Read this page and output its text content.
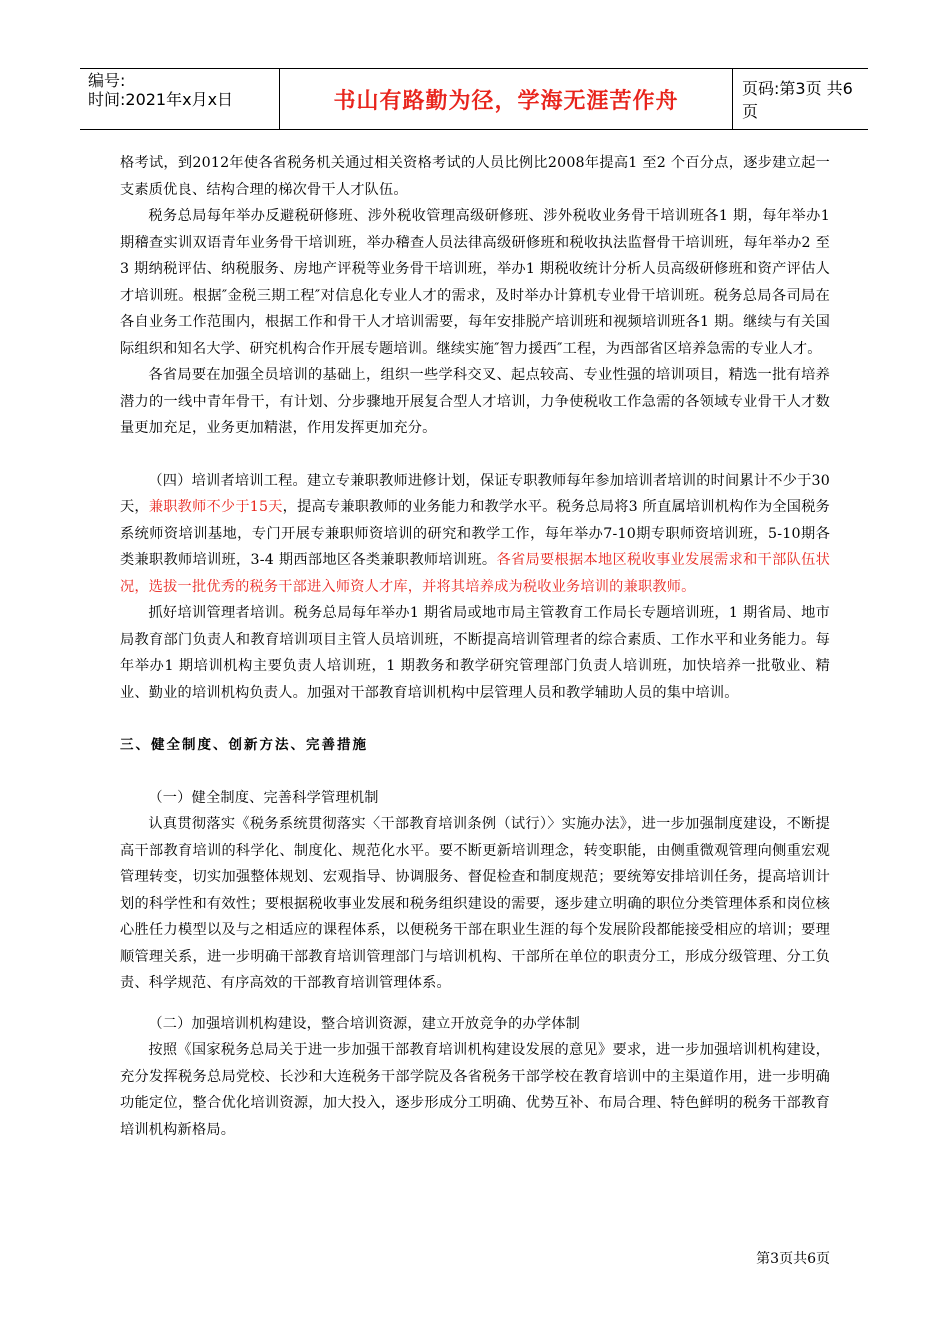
编号:
时间:2021年x月x日	书山有路勤为径，学海无涯苦作舟	页码:第3页 共6页

格考试，到2012年使各省税务机关通过相关资格考试的人员比例比2008年提高1 至2 个百分点，逐步建立起一支素质优良、结构合理的梯次骨干人才队伍。

税务总局每年举办反避税研修班、涉外税收管理高级研修班、涉外税收业务骨干培训班各1 期，每年举办1 期稽查实训双语青年业务骨干培训班，举办稽查人员法律高级研修班和税收执法监督骨干培训班，每年举办2 至3 期纳税评估、纳税服务、房地产评税等业务骨干培训班，举办1 期税收统计分析人员高级研修班和资产评估人才培训班。根据″金税三期工程″对信息化专业人才的需求，及时举办计算机专业骨干培训班。税务总局各司局在各自业务工作范围内，根据工作和骨干人才培训需要，每年安排脱产培训班和视频培训班各1 期。继续与有关国际组织和知名大学、研究机构合作开展专题培训。继续实施″智力援西″工程，为西部省区培养急需的专业人才。

各省局要在加强全员培训的基础上，组织一些学科交叉、起点较高、专业性强的培训项目，精选一批有培养潜力的一线中青年骨干，有计划、分步骤地开展复合型人才培训，力争使税收工作急需的各领域专业骨干人才数量更加充足，业务更加精湛，作用发挥更加充分。

（四）培训者培训工程。建立专兼职教师进修计划，保证专职教师每年参加培训者培训的时间累计不少于30天，兼职教师不少于15天，提高专兼职教师的业务能力和教学水平。税务总局将3 所直属培训机构作为全国税务系统师资培训基地，专门开展专兼职师资培训的研究和教学工作，每年举办7-10期专职师资培训班，5-10期各类兼职教师培训班，3-4 期西部地区各类兼职教师培训班。各省局要根据本地区税收事业发展需求和干部队伍状况，选拔一批优秀的税务干部进入师资人才库，并将其培养成为税收业务培训的兼职教师。

抓好培训管理者培训。税务总局每年举办1 期省局或地市局主管教育工作局长专题培训班，1 期省局、地市局教育部门负责人和教育培训项目主管人员培训班，不断提高培训管理者的综合素质、工作水平和业务能力。每年举办1 期培训机构主要负责人培训班，1 期教务和教学研究管理部门负责人培训班，加快培养一批敬业、精业、勤业的培训机构负责人。加强对干部教育培训机构中层管理人员和教学辅助人员的集中培训。

三、健全制度、创新方法、完善措施

（一）健全制度、完善科学管理机制

认真贯彻落实《税务系统贯彻落实〈干部教育培训条例（试行）〉实施办法》，进一步加强制度建设，不断提高干部教育培训的科学化、制度化、规范化水平。要不断更新培训理念，转变职能，由侧重微观管理向侧重宏观管理转变，切实加强整体规划、宏观指导、协调服务、督促检查和制度规范；要统筹安排培训任务，提高培训计划的科学性和有效性；要根据税收事业发展和税务组织建设的需要，逐步建立明确的职位分类管理体系和岗位核心胜任力模型以及与之相适应的课程体系，以便税务干部在职业生涯的每个发展阶段都能接受相应的培训；要理顺管理关系，进一步明确干部教育培训管理部门与培训机构、干部所在单位的职责分工，形成分级管理、分工负责、科学规范、有序高效的干部教育培训管理体系。

（二）加强培训机构建设，整合培训资源，建立开放竞争的办学体制

按照《国家税务总局关于进一步加强干部教育培训机构建设发展的意见》要求，进一步加强培训机构建设，充分发挥税务总局党校、长沙和大连税务干部学院及各省税务干部学校在教育培训中的主渠道作用，进一步明确功能定位，整合优化培训资源，加大投入，逐步形成分工明确、优势互补、布局合理、特色鲜明的税务干部教育培训机构新格局。

第3页共6页
